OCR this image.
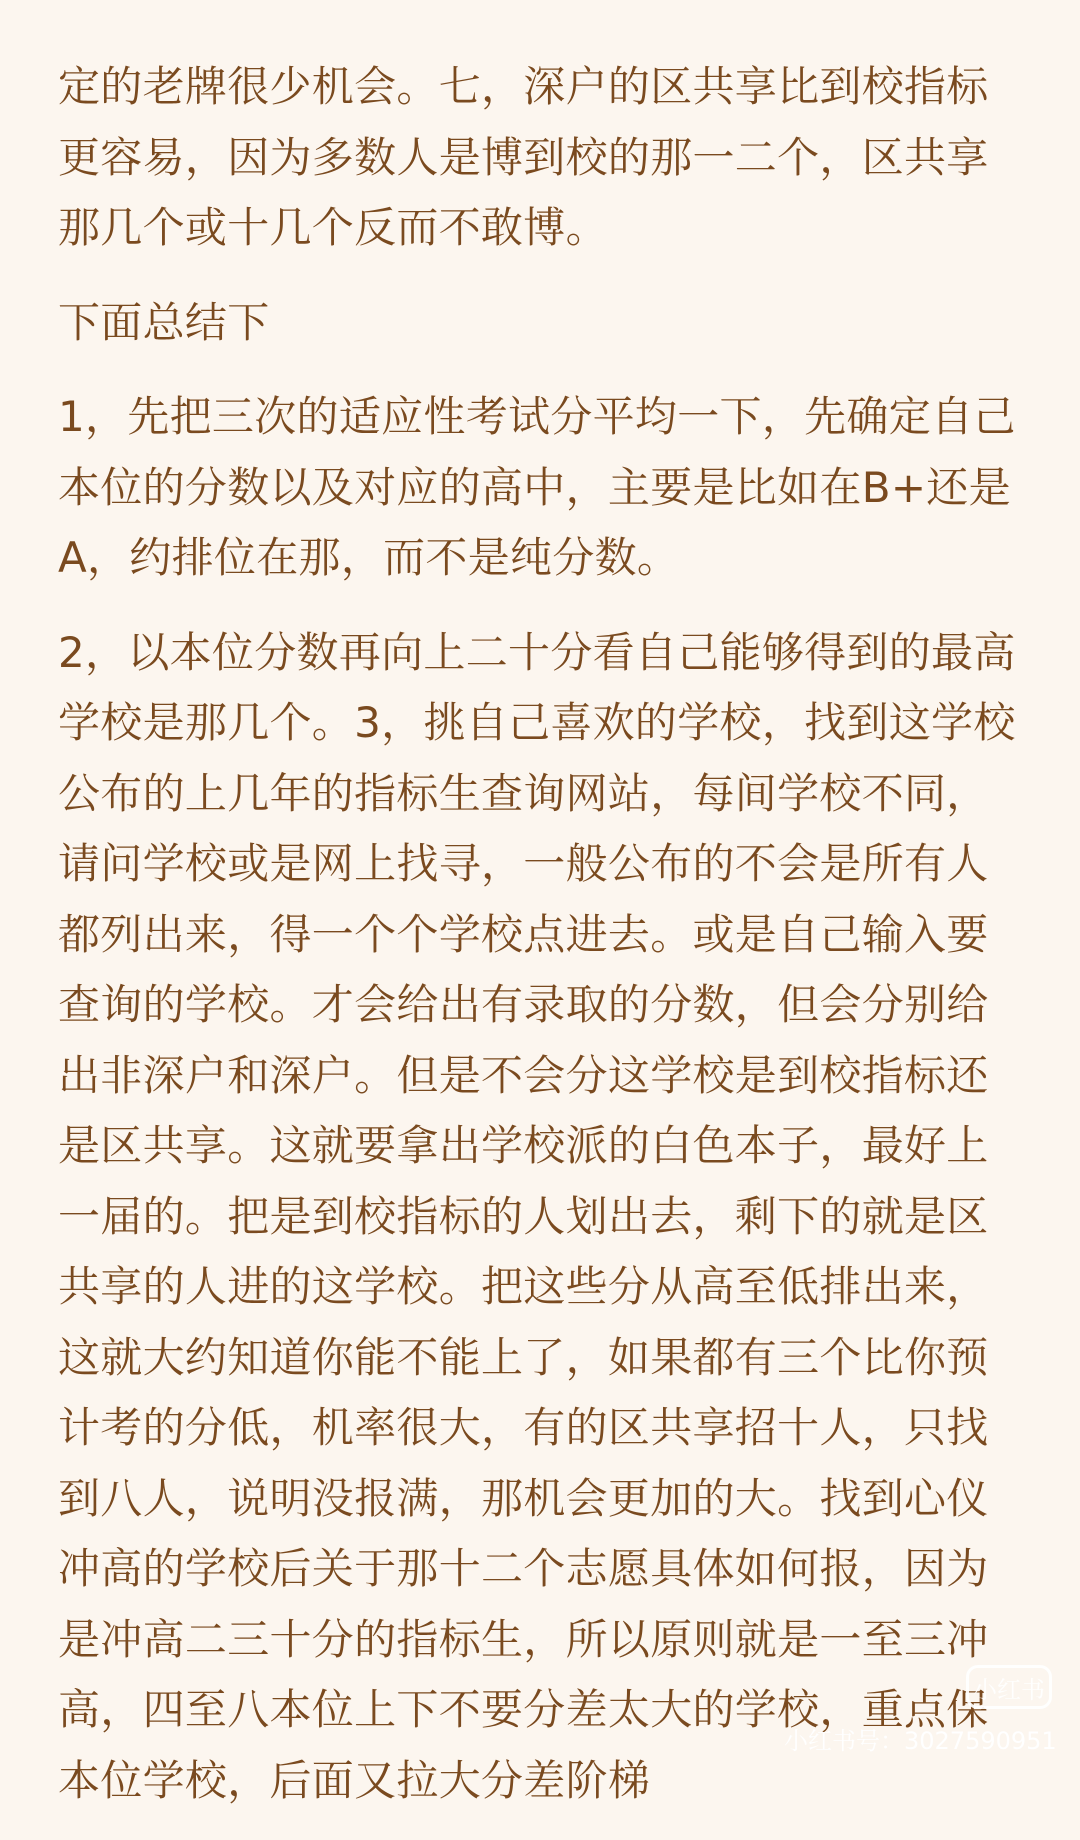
定的老牌很少机会。七，深户的区共享比到校指标更容易，因为多数人是博到校的那一二个，区共享那几个或十几个反而不敢博。

下面总结下

1，先把三次的适应性考试分平均一下，先确定自己本位的分数以及对应的高中，主要是比如在B+还是A，约排位在那，而不是纯分数。

2，以本位分数再向上二十分看自己能够得到的最高学校是那几个。3，挑自己喜欢的学校，找到这学校公布的上几年的指标生查询网站，每间学校不同，请问学校或是网上找寻，一般公布的不会是所有人都列出来，得一个个学校点进去。或是自己输入要查询的学校。才会给出有录取的分数，但会分别给出非深户和深户。但是不会分这学校是到校指标还是区共享。这就要拿出学校派的白色本子，最好上一届的。把是到校指标的人划出去，剩下的就是区共享的人进的这学校。把这些分从高至低排出来，这就大约知道你能不能上了，如果都有三个比你预计考的分低，机率很大，有的区共享招十人，只找到八人，说明没报满，那机会更加的大。找到心仪冲高的学校后关于那十二个志愿具体如何报，因为是冲高二三十分的指标生，所以原则就是一至三冲高，四至八本位上下不要分差太大的学校，重点保本位学校，后面又拉大分差阶梯

小红书
小红书号：3027590951
